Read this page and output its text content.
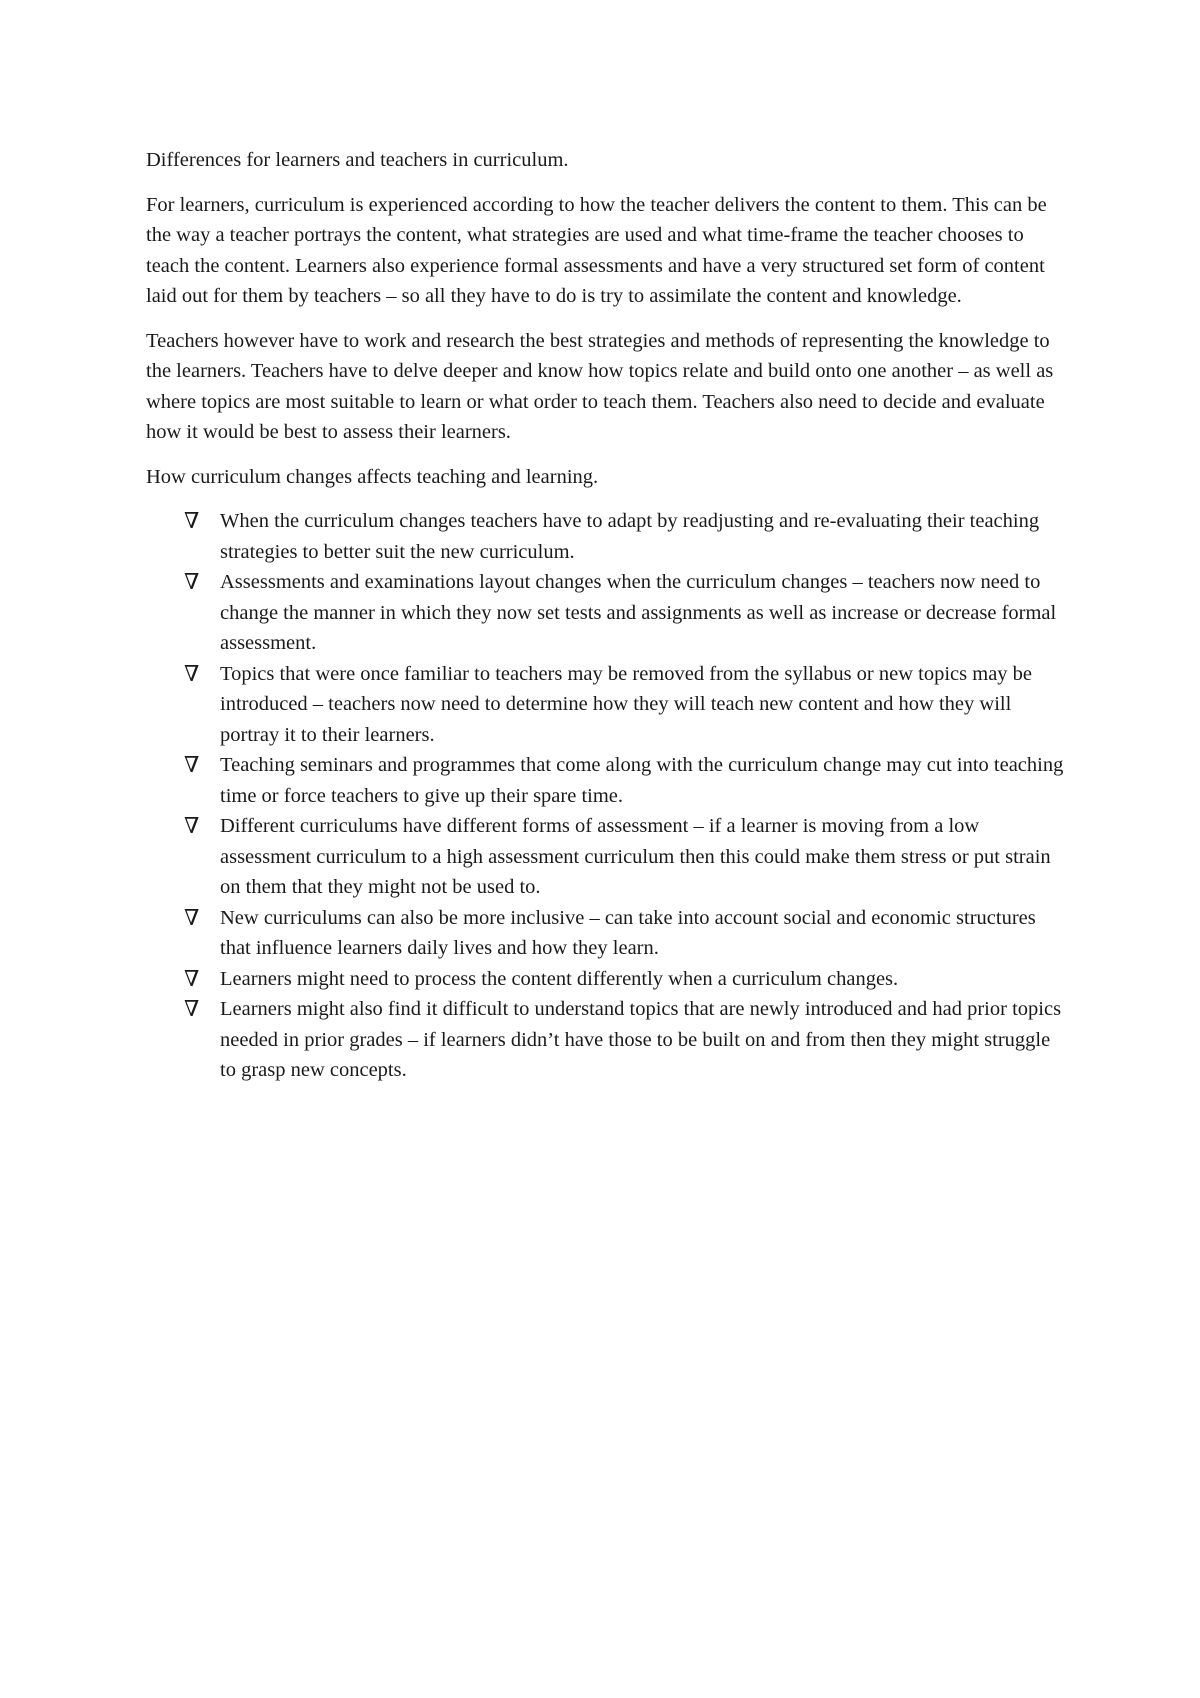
Differences for learners and teachers in curriculum.

For learners, curriculum is experienced according to how the teacher delivers the content to them. This can be the way a teacher portrays the content, what strategies are used and what time-frame the teacher chooses to teach the content. Learners also experience formal assessments and have a very structured set form of content laid out for them by teachers – so all they have to do is try to assimilate the content and knowledge.

Teachers however have to work and research the best strategies and methods of representing the knowledge to the learners. Teachers have to delve deeper and know how topics relate and build onto one another – as well as where topics are most suitable to learn or what order to teach them. Teachers also need to decide and evaluate how it would be best to assess their learners.

How curriculum changes affects teaching and learning.

∇	When the curriculum changes teachers have to adapt by readjusting and re-evaluating their teaching strategies to better suit the new curriculum.
∇	Assessments and examinations layout changes when the curriculum changes – teachers now need to change the manner in which they now set tests and assignments as well as increase or decrease formal assessment.
∇	Topics that were once familiar to teachers may be removed from the syllabus or new topics may be introduced – teachers now need to determine how they will teach new content and how they will portray it to their learners.
∇	Teaching seminars and programmes that come along with the curriculum change may cut into teaching time or force teachers to give up their spare time.
∇	Different curriculums have different forms of assessment – if a learner is moving from a low assessment curriculum to a high assessment curriculum then this could make them stress or put strain on them that they might not be used to.
∇	New curriculums can also be more inclusive – can take into account social and economic structures that influence learners daily lives and how they learn.
∇	Learners might need to process the content differently when a curriculum changes.
∇	Learners might also find it difficult to understand topics that are newly introduced and had prior topics needed in prior grades – if learners didn’t have those to be built on and from then they might struggle to grasp new concepts.
